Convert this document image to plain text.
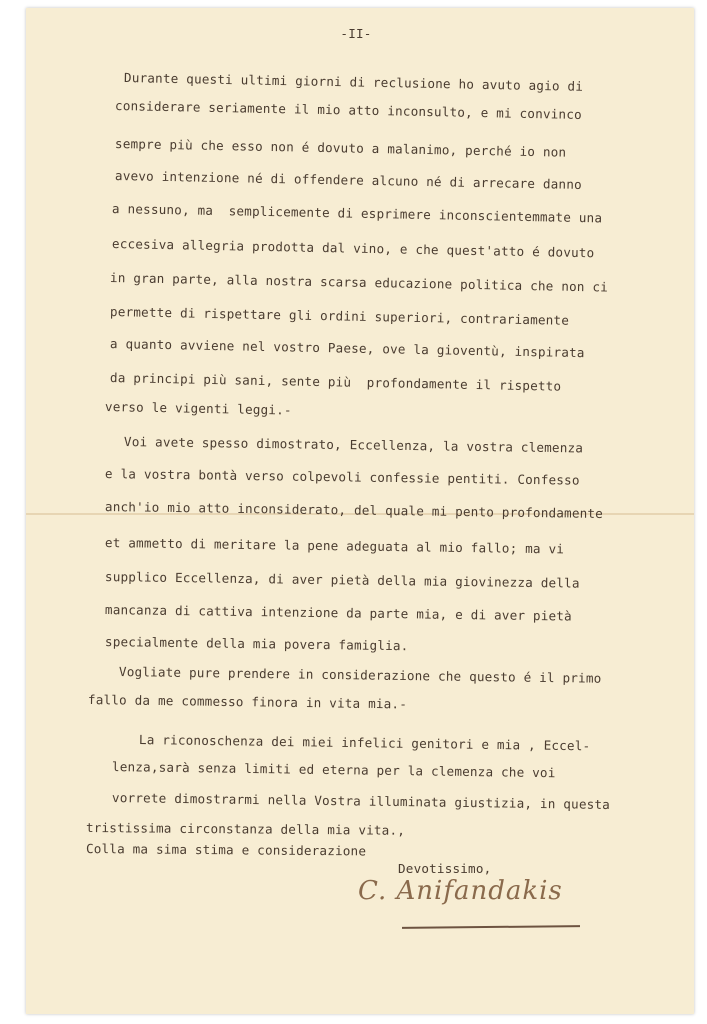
-II-
Durante questi ultimi giorni di reclusione ho avuto agio di
considerare seriamente il mio atto inconsulto, e mi convinco
sempre più che esso non é dovuto a malanimo, perché io non
avevo intenzione né di offendere alcuno né di arrecare danno
a nessuno, ma  semplicemente di esprimere inconscientemmate una
eccesiva allegria prodotta dal vino, e che quest'atto é dovuto
in gran parte, alla nostra scarsa educazione politica che non ci
permette di rispettare gli ordini superiori, contrariamente
a quanto avviene nel vostro Paese, ove la gioventù, inspirata
da principi più sani, sente più  profondamente il rispetto
verso le vigenti leggi.-
Voi avete spesso dimostrato, Eccellenza, la vostra clemenza
e la vostra bontà verso colpevoli confessie pentiti. Confesso
anch'io mio atto inconsiderato, del quale mi pento profondamente
et ammetto di meritare la pene adeguata al mio fallo; ma vi
supplico Eccellenza, di aver pietà della mia giovinezza della
mancanza di cattiva intenzione da parte mia, e di aver pietà
specialmente della mia povera famiglia.
Vogliate pure prendere in considerazione che questo é il primo
fallo da me commesso finora in vita mia.-
La riconoschenza dei miei infelici genitori e mia , Eccel-
lenza,sarà senza limiti ed eterna per la clemenza che voi
vorrete dimostrarmi nella Vostra illuminata giustizia, in questa
tristissima circonstanza della mia vita.,
Colla ma sima stima e considerazione
Devotissimo,
C. Anifandakis
